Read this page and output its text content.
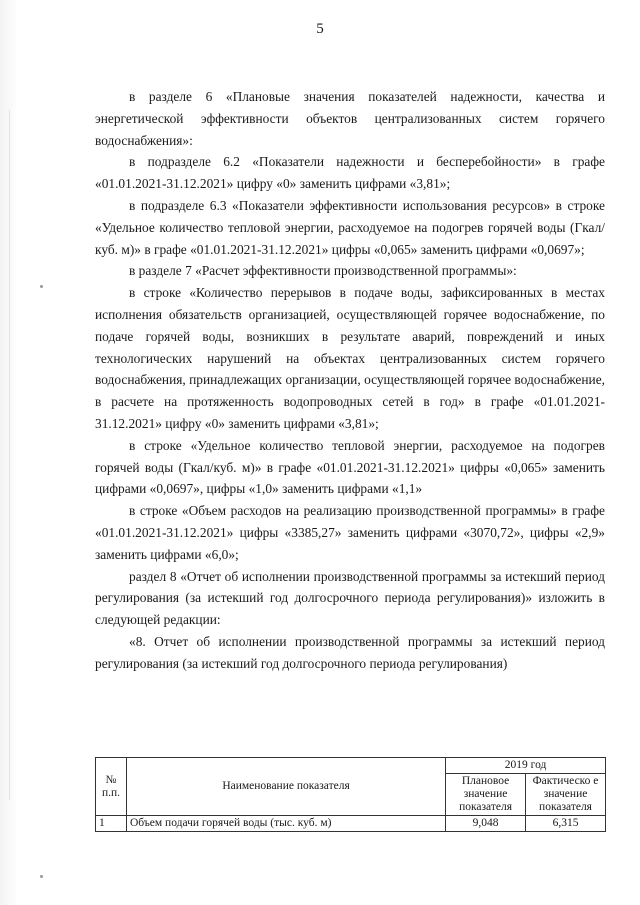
5

в разделе 6 «Плановые значения показателей надежности, качества и энергетической эффективности объектов централизованных систем горячего водоснабжения»:

в подразделе 6.2 «Показатели надежности и бесперебойности» в графе «01.01.2021-31.12.2021» цифру «0» заменить цифрами «3,81»;

в подразделе 6.3 «Показатели эффективности использования ресурсов» в строке «Удельное количество тепловой энергии, расходуемое на подогрев горячей воды (Гкал/куб. м)» в графе «01.01.2021-31.12.2021» цифры «0,065» заменить цифрами «0,0697»;

в разделе 7 «Расчет эффективности производственной программы»:

в строке «Количество перерывов в подаче воды, зафиксированных в местах исполнения обязательств организацией, осуществляющей горячее водоснабжение, по подаче горячей воды, возникших в результате аварий, повреждений и иных технологических нарушений на объектах централизованных систем горячего водоснабжения, принадлежащих организации, осуществляющей горячее водоснабжение, в расчете на протяженность водопроводных сетей в год» в графе «01.01.2021-31.12.2021» цифру «0» заменить цифрами «3,81»;

в строке «Удельное количество тепловой энергии, расходуемое на подогрев горячей воды (Гкал/куб. м)» в графе «01.01.2021-31.12.2021» цифры «0,065» заменить цифрами «0,0697», цифры «1,0» заменить цифрами «1,1»

в строке «Объем расходов на реализацию производственной программы» в графе «01.01.2021-31.12.2021» цифры «3385,27» заменить цифрами «3070,72», цифры «2,9» заменить цифрами «6,0»;

раздел 8 «Отчет об исполнении производственной программы за истекший период регулирования (за истекший год долгосрочного периода регулирования)» изложить в следующей редакции:

«8. Отчет об исполнении производственной программы за истекший период регулирования (за истекший год долгосрочного периода регулирования)

№ п.п.	Наименование показателя	2019 год	
		Плановое значение показателя	Фактическо е значение показателя
1	Объем подачи горячей воды (тыс. куб. м)	9,048	6,315
